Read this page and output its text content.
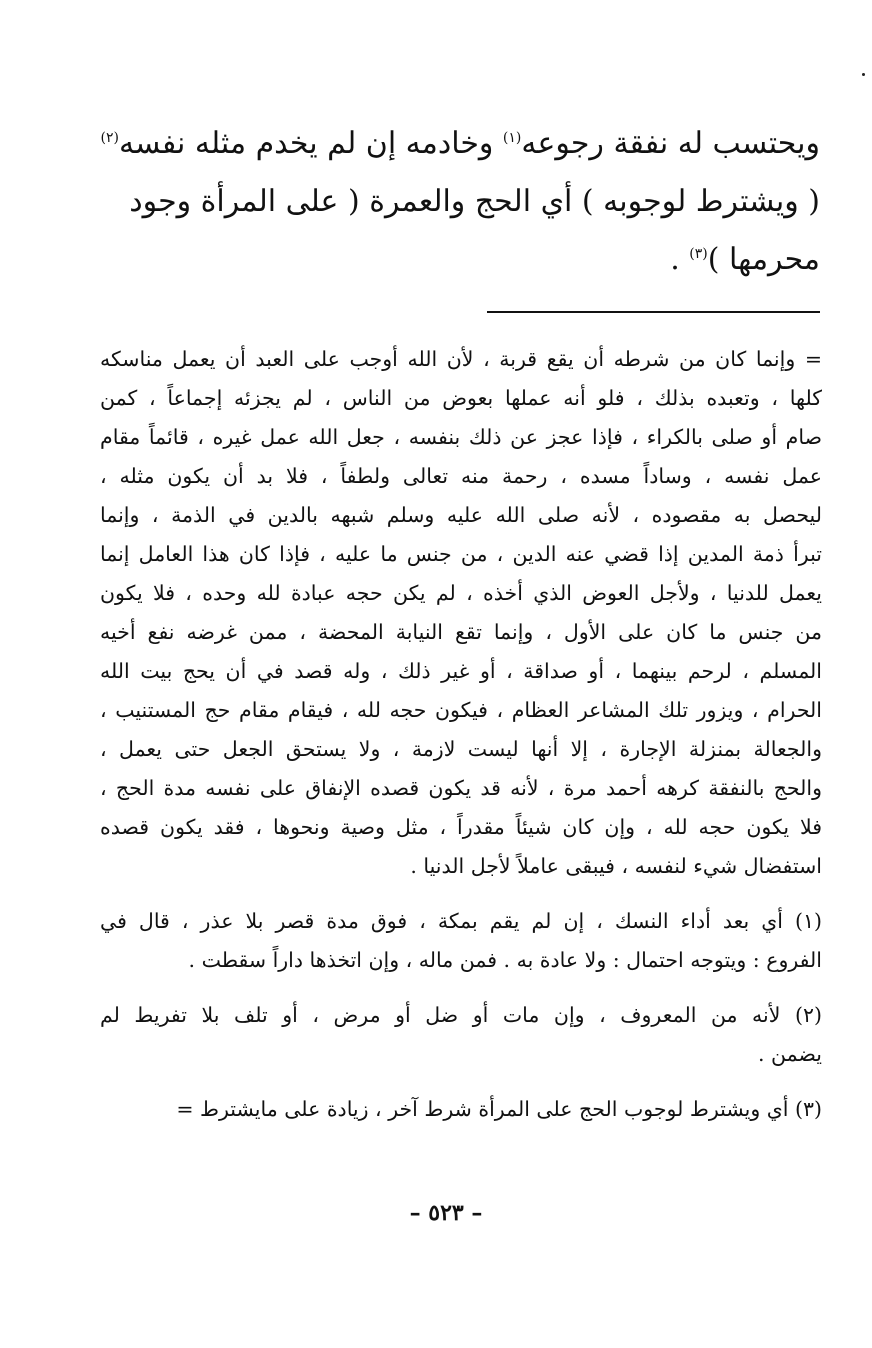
ويحتسب له نفقة رجوعه$^{(١)}$ وخادمه إن لم يخدم مثله نفسه$^{(٢)}$
( ويشترط لوجوبه ) أي الحج والعمرة ( على المرأة وجود
محرمها )$^{(٣)}$ .
= وإنما كان من شرطه أن يقع قربة ، لأن الله أوجب على العبد أن يعمل مناسكه
كلها ، وتعبده بذلك ، فلو أنه عملها بعوض من الناس ، لم يجزئه إجماعاً ، كمن
صام أو صلى بالكراء ، فإذا عجز عن ذلك بنفسه ، جعل الله عمل غيره ، قائماً مقام
عمل نفسه ، وساداً مسده ، رحمة منه تعالى ولطفاً ، فلا بد أن يكون مثله ،
ليحصل به مقصوده ، لأنه صلى الله عليه وسلم شبهه بالدين في الذمة ، وإنما
تبرأ ذمة المدين إذا قضي عنه الدين ، من جنس ما عليه ، فإذا كان هذا العامل إنما
يعمل للدنيا ، ولأجل العوض الذي أخذه ، لم يكن حجه عبادة لله وحده ، فلا يكون
من جنس ما كان على الأول ، وإنما تقع النيابة المحضة ، ممن غرضه نفع أخيه
المسلم ، لرحم بينهما ، أو صداقة ، أو غير ذلك ، وله قصد في أن يحج بيت الله
الحرام ، ويزور تلك المشاعر العظام ، فيكون حجه لله ، فيقام مقام حج المستنيب ،
والجعالة بمنزلة الإجارة ، إلا أنها ليست لازمة ، ولا يستحق الجعل حتى يعمل ،
والحج بالنفقة كرهه أحمد مرة ، لأنه قد يكون قصده الإنفاق على نفسه مدة الحج ،
فلا يكون حجه لله ، وإن كان شيئاً مقدراً ، مثل وصية ونحوها ، فقد يكون قصده
استفضال شيء لنفسه ، فيبقى عاملاً لأجل الدنيا .
(١) أي بعد أداء النسك ، إن لم يقم بمكة ، فوق مدة قصر بلا عذر ، قال في
الفروع : ويتوجه احتمال : ولا عادة به . فمن ماله ، وإن اتخذها داراً سقطت .
(٢) لأنه من المعروف ، وإن مات أو ضل أو مرض ، أو تلف بلا تفريط لم
يضمن .
(٣) أي ويشترط لوجوب الحج على المرأة شرط آخر ، زيادة على مايشترط =
– ٥٢٣ –
